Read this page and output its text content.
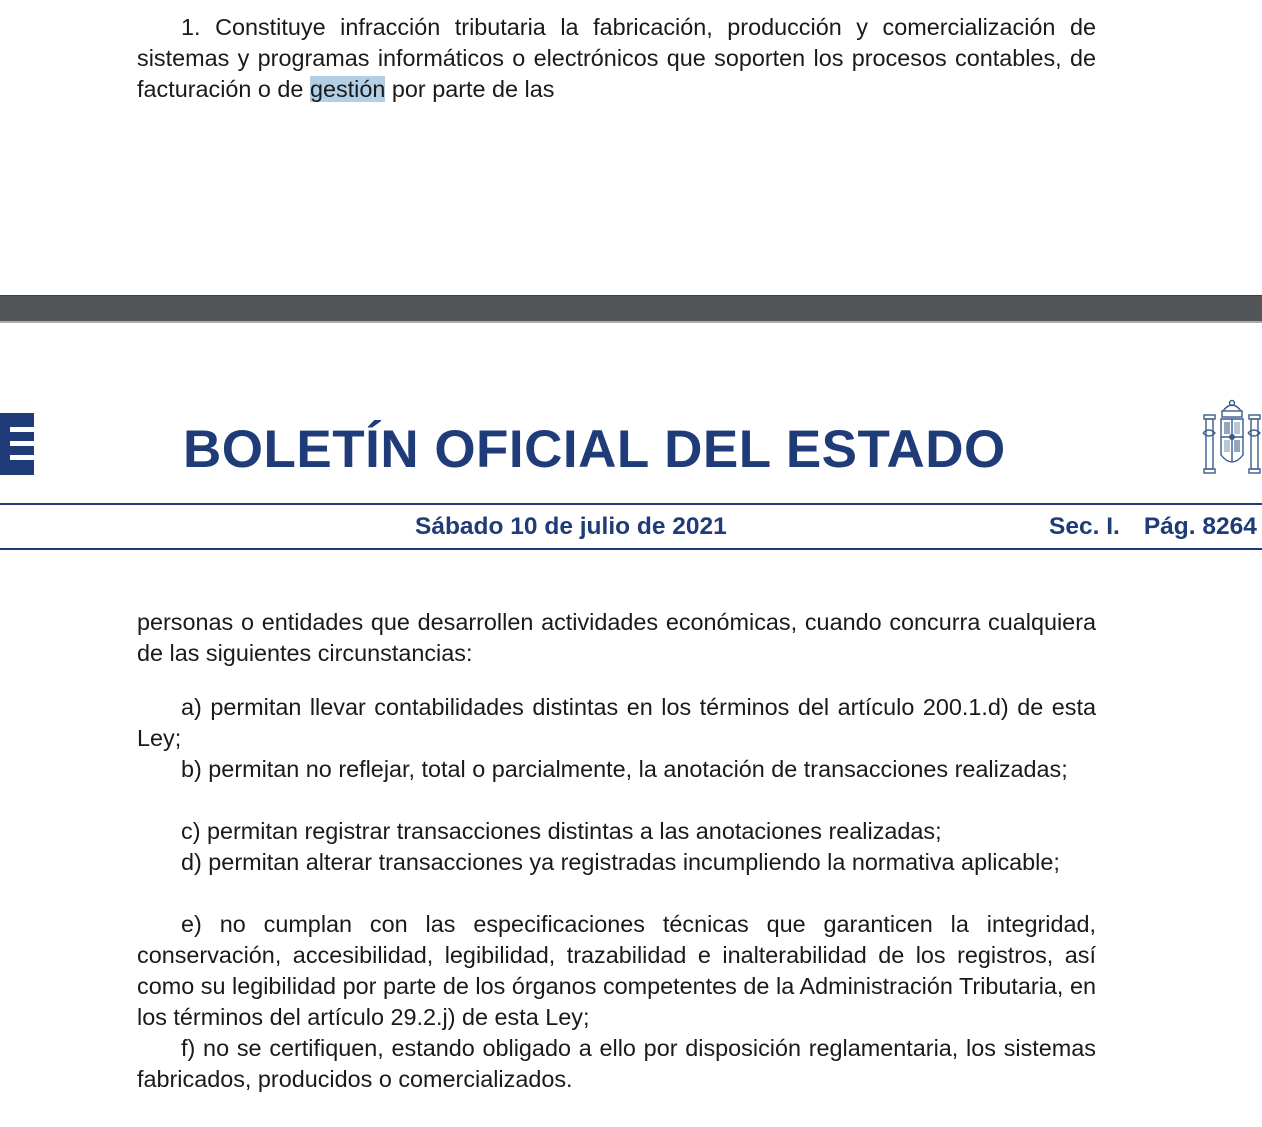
1. Constituye infracción tributaria la fabricación, producción y comercialización de sistemas y programas informáticos o electrónicos que soporten los procesos contables, de facturación o de gestión por parte de las

BOLETÍN OFICIAL DEL ESTADO
Sábado 10 de julio de 2021	Sec. I. Pág. 8264

personas o entidades que desarrollen actividades económicas, cuando concurra cualquiera de las siguientes circunstancias:

a) permitan llevar contabilidades distintas en los términos del artículo 200.1.d) de esta Ley;

b) permitan no reflejar, total o parcialmente, la anotación de transacciones realizadas;

c) permitan registrar transacciones distintas a las anotaciones realizadas;

d) permitan alterar transacciones ya registradas incumpliendo la normativa aplicable;

e) no cumplan con las especificaciones técnicas que garanticen la integridad, conservación, accesibilidad, legibilidad, trazabilidad e inalterabilidad de los registros, así como su legibilidad por parte de los órganos competentes de la Administración Tributaria, en los términos del artículo 29.2.j) de esta Ley;

f) no se certifiquen, estando obligado a ello por disposición reglamentaria, los sistemas fabricados, producidos o comercializados.
